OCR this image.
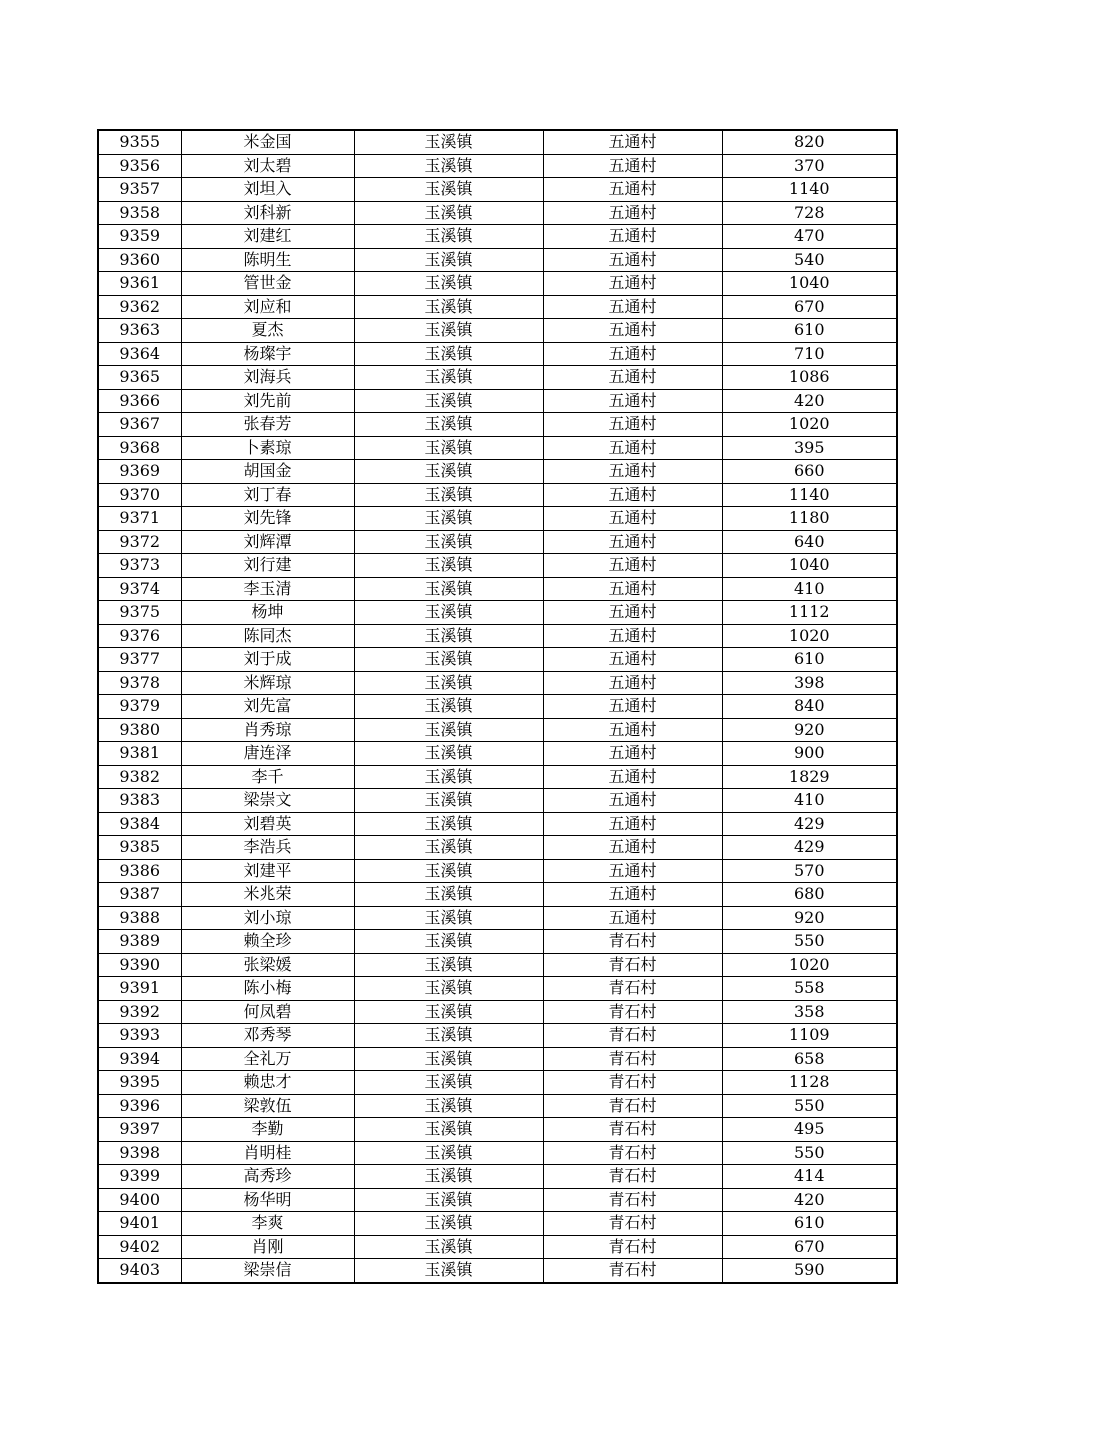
9355	米金国	玉溪镇	五通村	820
9356	刘太碧	玉溪镇	五通村	370
9357	刘坦入	玉溪镇	五通村	1140
9358	刘科新	玉溪镇	五通村	728
9359	刘建红	玉溪镇	五通村	470
9360	陈明生	玉溪镇	五通村	540
9361	管世金	玉溪镇	五通村	1040
9362	刘应和	玉溪镇	五通村	670
9363	夏杰	玉溪镇	五通村	610
9364	杨璨宇	玉溪镇	五通村	710
9365	刘海兵	玉溪镇	五通村	1086
9366	刘先前	玉溪镇	五通村	420
9367	张春芳	玉溪镇	五通村	1020
9368	卜素琼	玉溪镇	五通村	395
9369	胡国金	玉溪镇	五通村	660
9370	刘丁春	玉溪镇	五通村	1140
9371	刘先锋	玉溪镇	五通村	1180
9372	刘辉潭	玉溪镇	五通村	640
9373	刘行建	玉溪镇	五通村	1040
9374	李玉清	玉溪镇	五通村	410
9375	杨坤	玉溪镇	五通村	1112
9376	陈同杰	玉溪镇	五通村	1020
9377	刘于成	玉溪镇	五通村	610
9378	米辉琼	玉溪镇	五通村	398
9379	刘先富	玉溪镇	五通村	840
9380	肖秀琼	玉溪镇	五通村	920
9381	唐连泽	玉溪镇	五通村	900
9382	李千	玉溪镇	五通村	1829
9383	梁崇文	玉溪镇	五通村	410
9384	刘碧英	玉溪镇	五通村	429
9385	李浩兵	玉溪镇	五通村	429
9386	刘建平	玉溪镇	五通村	570
9387	米兆荣	玉溪镇	五通村	680
9388	刘小琼	玉溪镇	五通村	920
9389	赖全珍	玉溪镇	青石村	550
9390	张梁媛	玉溪镇	青石村	1020
9391	陈小梅	玉溪镇	青石村	558
9392	何凤碧	玉溪镇	青石村	358
9393	邓秀琴	玉溪镇	青石村	1109
9394	全礼万	玉溪镇	青石村	658
9395	赖忠才	玉溪镇	青石村	1128
9396	梁敦伍	玉溪镇	青石村	550
9397	李勤	玉溪镇	青石村	495
9398	肖明桂	玉溪镇	青石村	550
9399	高秀珍	玉溪镇	青石村	414
9400	杨华明	玉溪镇	青石村	420
9401	李爽	玉溪镇	青石村	610
9402	肖刚	玉溪镇	青石村	670
9403	梁崇信	玉溪镇	青石村	590
